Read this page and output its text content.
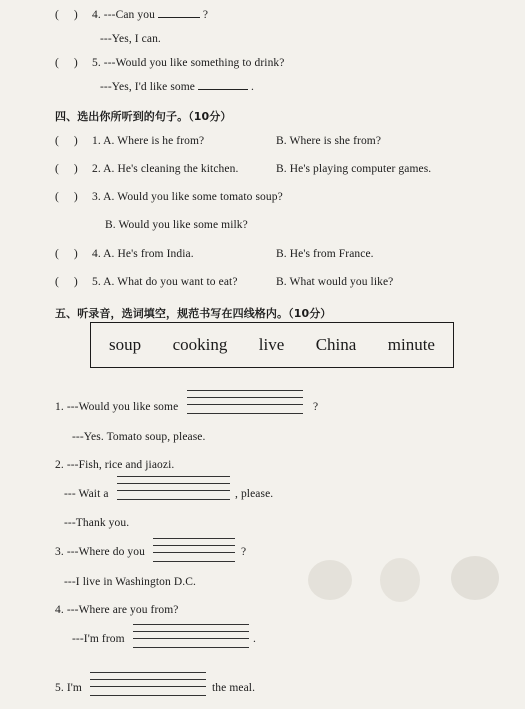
( ) 4. ---Can you	?
---Yes, I can.
( ) 5. ---Would you like something to drink?
---Yes, I'd like some	.
四、选出你所听到的句子。（10分）
( ) 1. A. Where is he from?	B. Where is she from?
( ) 2. A. He's cleaning the kitchen.	B. He's playing computer games.
( ) 3. A. Would you like some tomato soup?
B. Would you like some milk?
( ) 4. A. He's from India.	B. He's from France.
( ) 5. A. What do you want to eat?	B. What would you like?
五、听录音，选词填空，规范书写在四线格内。（10分）
soup cooking live China minute
1. ---Would you like some	?
---Yes. Tomato soup, please.
2. ---Fish, rice and jiaozi.
--- Wait a	, please.
---Thank you.
3. ---Where do you	?
---I live in Washington D.C.
4. ---Where are you from?
---I'm from	.
5. I'm	the meal.
